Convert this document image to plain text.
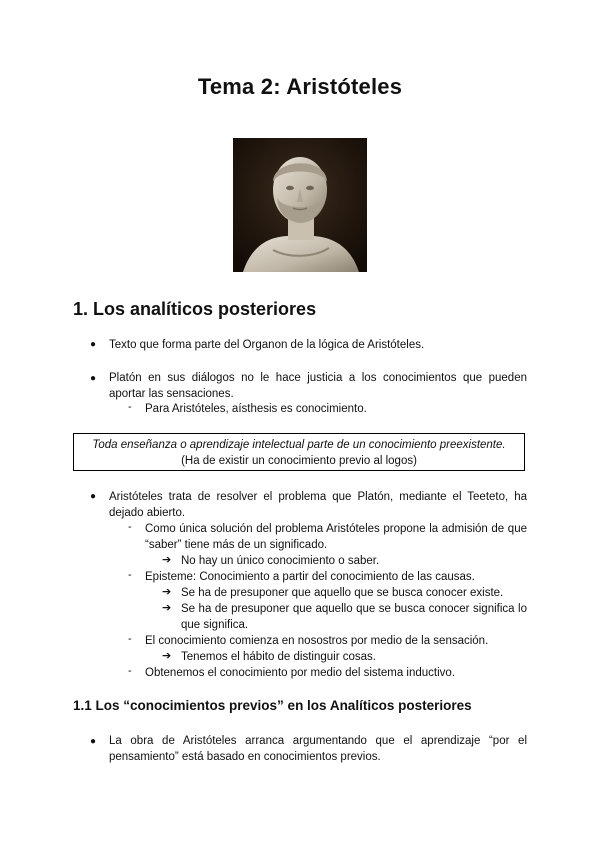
Tema 2: Aristóteles
1. Los analíticos posteriores
● Texto que forma parte del Organon de la lógica de Aristóteles.
● Platón en sus diálogos no le hace justicia a los conocimientos que pueden aportar las sensaciones.
- Para Aristóteles, aísthesis es conocimiento.
Toda enseñanza o aprendizaje intelectual parte de un conocimiento preexistente.
(Ha de existir un conocimiento previo al logos)
● Aristóteles trata de resolver el problema que Platón, mediante el Teeteto, ha dejado abierto.
- Como única solución del problema Aristóteles propone la admisión de que “saber” tiene más de un significado.
➔ No hay un único conocimiento o saber.
- Episteme: Conocimiento a partir del conocimiento de las causas.
➔ Se ha de presuponer que aquello que se busca conocer existe.
➔ Se ha de presuponer que aquello que se busca conocer significa lo que significa.
- El conocimiento comienza en nosostros por medio de la sensación.
➔ Tenemos el hábito de distinguir cosas.
- Obtenemos el conocimiento por medio del sistema inductivo.
1.1 Los “conocimientos previos” en los Analíticos posteriores
● La obra de Aristóteles arranca argumentando que el aprendizaje “por el pensamiento” está basado en conocimientos previos.
